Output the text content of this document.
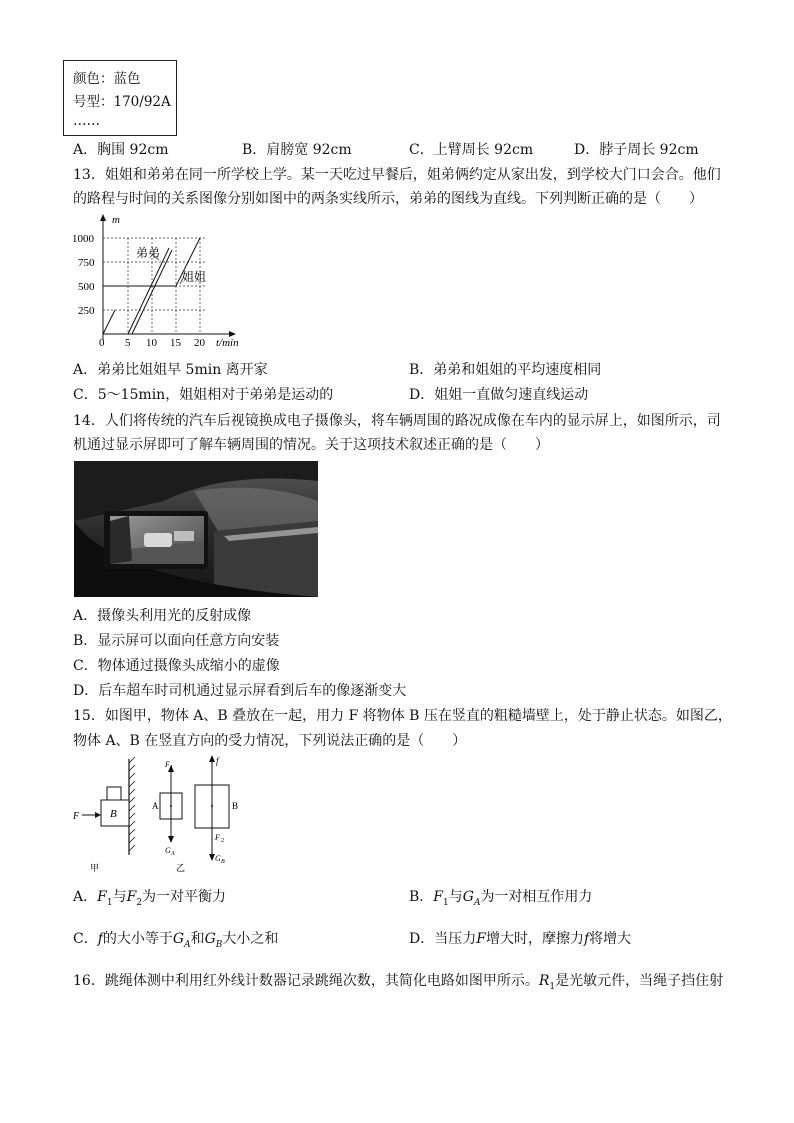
颜色：蓝色
号型：170/92A
……
A．胸围 92cm	B．肩膀宽 92cm	C．上臂周长 92cm	D．脖子周长 92cm
13．姐姐和弟弟在同一所学校上学。某一天吃过早餐后，姐弟俩约定从家出发，到学校大门口会合。他们
的路程与时间的关系图像分别如图中的两条实线所示，弟弟的图线为直线。下列判断正确的是（　　）
m
t/min
1000
750
500
250
0 5 10 15 20
弟弟
姐姐
A．弟弟比姐姐早 5min 离开家	B．弟弟和姐姐的平均速度相同
C．5～15min，姐姐相对于弟弟是运动的	D．姐姐一直做匀速直线运动
14．人们将传统的汽车后视镜换成电子摄像头，将车辆周围的路况成像在车内的显示屏上，如图所示，司
机通过显示屏即可了解车辆周围的情况。关于这项技术叙述正确的是（　　）
A．摄像头利用光的反射成像
B．显示屏可以面向任意方向安装
C．物体通过摄像头成缩小的虚像
D．后车超车时司机通过显示屏看到后车的像逐渐变大
15．如图甲，物体 A、B 叠放在一起，用力 F 将物体 B 压在竖直的粗糙墙壁上，处于静止状态。如图乙，
物体 A、B 在竖直方向的受力情况，下列说法正确的是（　　）
B
F
甲
A
F 1
G A
B
f
F 2
G B
乙
A．$F_1$与$F_2$为一对平衡力	B．$F_1$与$G_A$为一对相互作用力
C．f的大小等于$G_A$和$G_B$大小之和	D．当压力F增大时，摩擦力f将增大
16．跳绳体测中利用红外线计数器记录跳绳次数，其简化电路如图甲所示。$R_1$是光敏元件，当绳子挡住射
